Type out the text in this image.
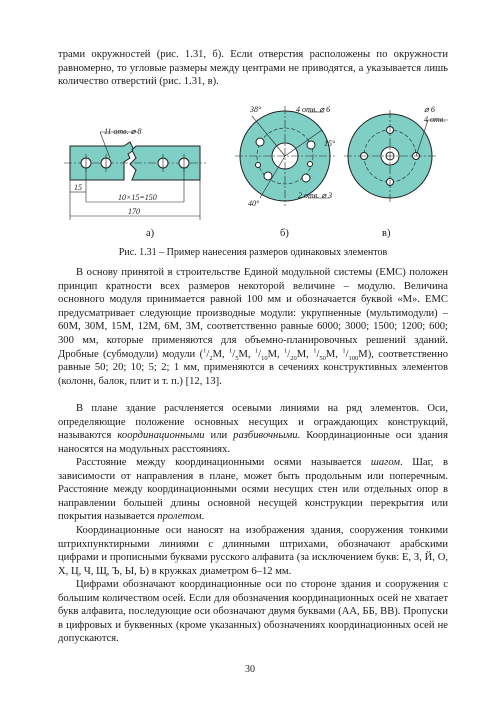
трами окружностей (рис. 1.31, б). Если отверстия расположены по окружности равномерно, то угловые размеры между центрами не приводятся, а указывается лишь количество отверстий (рис. 1.31, в).

11 отв. ⌀ 8
15
10×15=150
170
38°	4 отв. ⌀ 6
15°
40°
2 отв. ⌀ 3
⌀ 6
4 отв.
а)	б)	в)
Рис. 1.31 – Пример нанесения размеров одинаковых элементов

В основу принятой в строительстве Единой модульной системы (ЕМС) положен принцип кратности всех размеров некоторой величине – модулю. Величина основного модуля принимается равной 100 мм и обозначается буквой «М». ЕМС предусматривает следующие производные модули: укрупненные (мультимодули) – 60М, 30М, 15М, 12М, 6М, 3М, соответственно равные 6000; 3000; 1500; 1200; 600; 300 мм, которые применяются для объемно-планировочных решений зданий. Дробные (субмодули) модули ($^1/_2М$, $^1/_5М$, $^1/_{10}М$, $^1/_{20}М$, $^1/_{50}М$, $^1/_{100}М$), соответственно равные 50; 20; 10; 5; 2; 1 мм, применяются в сечениях конструктивных элементов (колонн, балок, плит и т. п.) [12, 13].

В плане здание расчленяется осевыми линиями на ряд элементов. Оси, определяющие положение основных несущих и ограждающих конструкций, называются координационными или разбивочными. Координационные оси здания наносятся на модульных расстояниях.

Расстояние между координационными осями называется шагом. Шаг, в зависимости от направления в плане, может быть продольным или поперечным. Расстояние между координационными осями несущих стен или отдельных опор в направлении большей длины основной несущей конструкции перекрытия или покрытия называется пролетом.

Координационные оси наносят на изображения здания, сооружения тонкими штрихпунктирными линиями с длинными штрихами, обозначают арабскими цифрами и прописными буквами русского алфавита (за исключением букв: Е, З, Й, О, Х, Ц, Ч, Щ, Ъ, Ы, Ь) в кружках диаметром 6–12 мм.

Цифрами обозначают координационные оси по стороне здания и сооружения с большим количеством осей. Если для обозначения координационных осей не хватает букв алфавита, последующие оси обозначают двумя буквами (АА, ББ, ВВ). Пропуски в цифровых и буквенных (кроме указанных) обозначениях координационных осей не допускаются.

30
